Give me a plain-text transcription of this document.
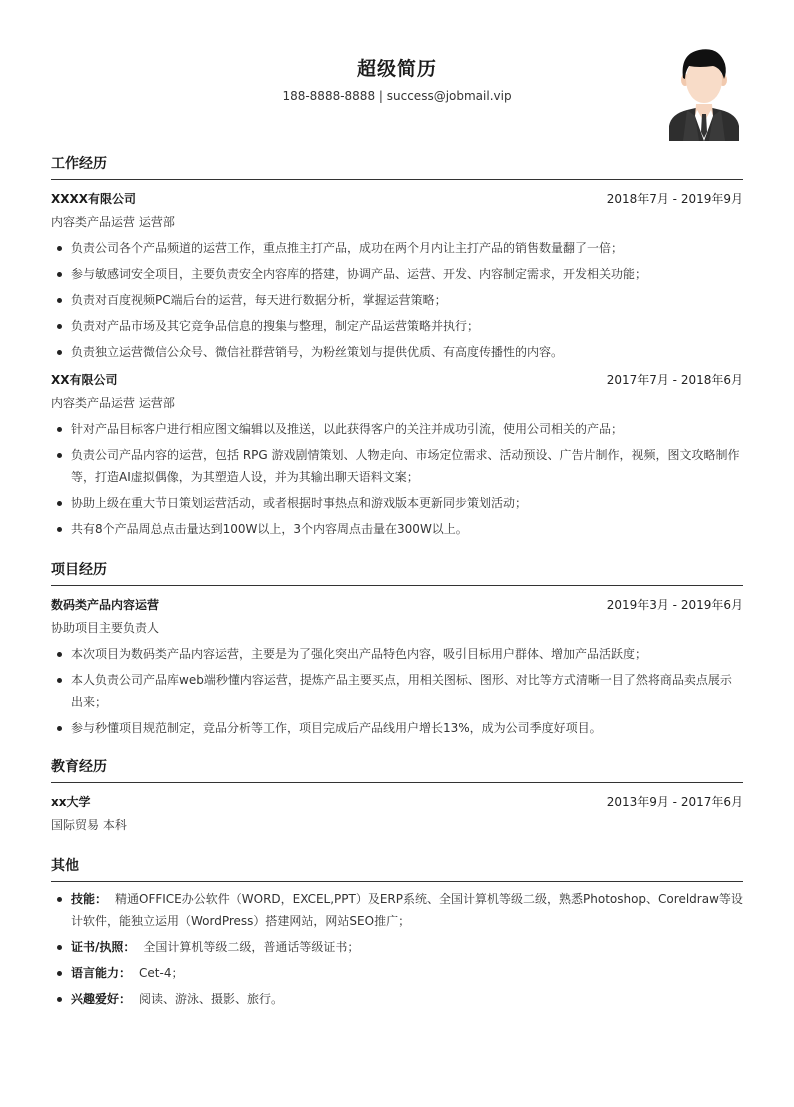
超级简历
188-8888-8888 | success@jobmail.vip
工作经历
XXXX有限公司	2018年7月 - 2019年9月
内容类产品运营 运营部
负责公司各个产品频道的运营工作，重点推主打产品，成功在两个月内让主打产品的销售数量翻了一倍；
参与敏感词安全项目，主要负责安全内容库的搭建，协调产品、运营、开发、内容制定需求，开发相关功能；
负责对百度视频PC端后台的运营，每天进行数据分析，掌握运营策略；
负责对产品市场及其它竞争品信息的搜集与整理，制定产品运营策略并执行；
负责独立运营微信公众号、微信社群营销号，为粉丝策划与提供优质、有高度传播性的内容。
XX有限公司	2017年7月 - 2018年6月
内容类产品运营 运营部
针对产品目标客户进行相应图文编辑以及推送，以此获得客户的关注并成功引流，使用公司相关的产品；
负责公司产品内容的运营，包括 RPG 游戏剧情策划、人物走向、市场定位需求、活动预设、广告片制作，视频，图文攻略制作等，打造AI虚拟偶像，为其塑造人设，并为其输出聊天语料文案；
协助上级在重大节日策划运营活动，或者根据时事热点和游戏版本更新同步策划活动；
共有8个产品周总点击量达到100W以上，3个内容周点击量在300W以上。
项目经历
数码类产品内容运营	2019年3月 - 2019年6月
协助项目主要负责人
本次项目为数码类产品内容运营，主要是为了强化突出产品特色内容，吸引目标用户群体、增加产品活跃度；
本人负责公司产品库web端秒懂内容运营，提炼产品主要买点，用相关图标、图形、对比等方式清晰一目了然将商品卖点展示出来；
参与秒懂项目规范制定，竞品分析等工作，项目完成后产品线用户增长13%，成为公司季度好项目。
教育经历
xx大学	2013年9月 - 2017年6月
国际贸易 本科
其他
技能： 精通OFFICE办公软件（WORD，EXCEL,PPT）及ERP系统、全国计算机等级二级，熟悉Photoshop、Coreldraw等设计软件，能独立运用（WordPress）搭建网站，网站SEO推广；
证书/执照： 全国计算机等级二级，普通话等级证书；
语言能力： Cet-4；
兴趣爱好： 阅读、游泳、摄影、旅行。
